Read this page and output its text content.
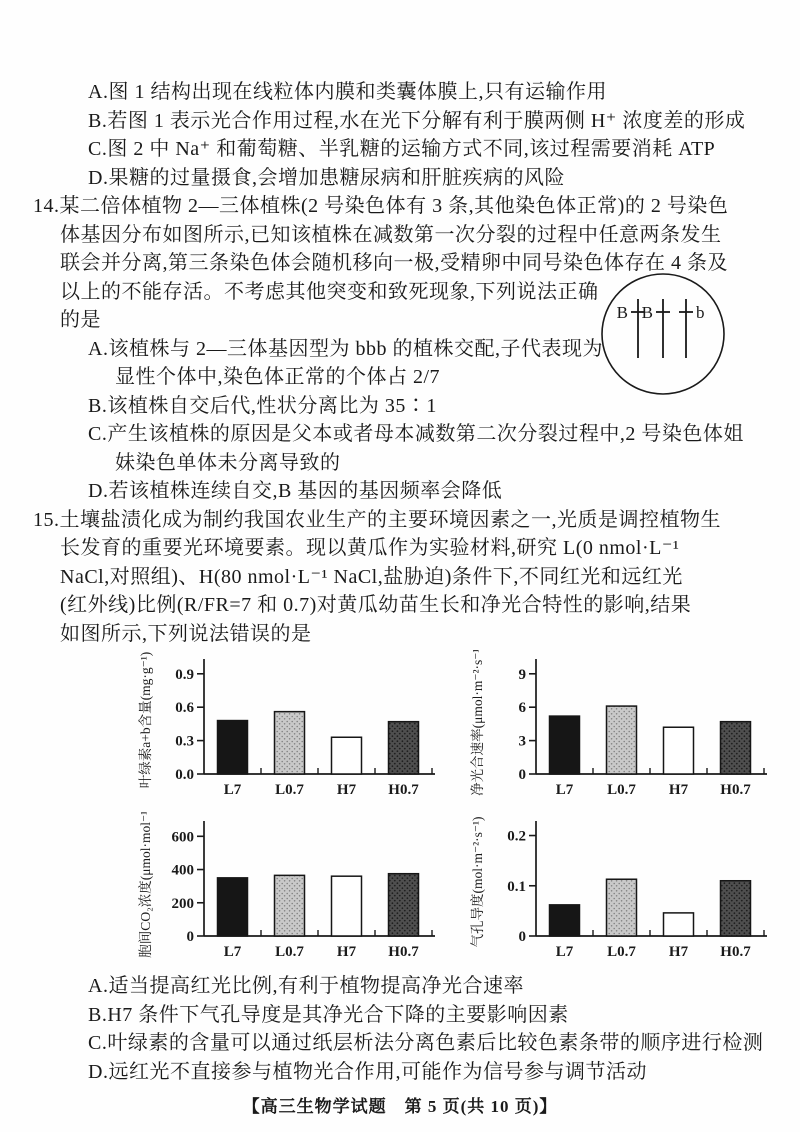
A.图 1 结构出现在线粒体内膜和类囊体膜上,只有运输作用
B.若图 1 表示光合作用过程,水在光下分解有利于膜两侧 H⁺ 浓度差的形成
C.图 2 中 Na⁺ 和葡萄糖、半乳糖的运输方式不同,该过程需要消耗 ATP
D.果糖的过量摄食,会增加患糖尿病和肝脏疾病的风险
14.某二倍体植物 2—三体植株(2 号染色体有 3 条,其他染色体正常)的 2 号染色
体基因分布如图所示,已知该植株在减数第一次分裂的过程中任意两条发生
联会并分离,第三条染色体会随机移向一极,受精卵中同号染色体存在 4 条及
以上的不能存活。不考虑其他突变和致死现象,下列说法正确
的是
A.该植株与 2—三体基因型为 bbb 的植株交配,子代表现为
显性个体中,染色体正常的个体占 2/7
B.该植株自交后代,性状分离比为 35∶1
C.产生该植株的原因是父本或者母本减数第二次分裂过程中,2 号染色体姐
妹染色单体未分离导致的
D.若该植株连续自交,B 基因的基因频率会降低
15.土壤盐渍化成为制约我国农业生产的主要环境因素之一,光质是调控植物生
长发育的重要光环境要素。现以黄瓜作为实验材料,研究 L(0 nmol·L⁻¹
NaCl,对照组)、H(80 nmol·L⁻¹ NaCl,盐胁迫)条件下,不同红光和远红光
(红外线)比例(R/FR=7 和 0.7)对黄瓜幼苗生长和净光合特性的影响,结果
如图所示,下列说法错误的是
0.0
0.3
0.6
0.9
L7 L0.7 H7 H0.7
叶绿素a+b含量(mg·g⁻¹)	0
3
6
9
L7 L0.7 H7 H0.7
净光合速率(μmol·m⁻²·s⁻¹)
0
200
400
600
L7 L0.7 H7 H0.7
胞间CO₂浓度(μmol·mol⁻¹)	0
0.1
0.2
L7 L0.7 H7 H0.7
气孔导度(mol·m⁻²·s⁻¹)
A.适当提高红光比例,有利于植物提高净光合速率
B.H7 条件下气孔导度是其净光合下降的主要影响因素
C.叶绿素的含量可以通过纸层析法分离色素后比较色素条带的顺序进行检测
D.远红光不直接参与植物光合作用,可能作为信号参与调节活动
【高三生物学试题　第 5 页(共 10 页)】
B B	b
